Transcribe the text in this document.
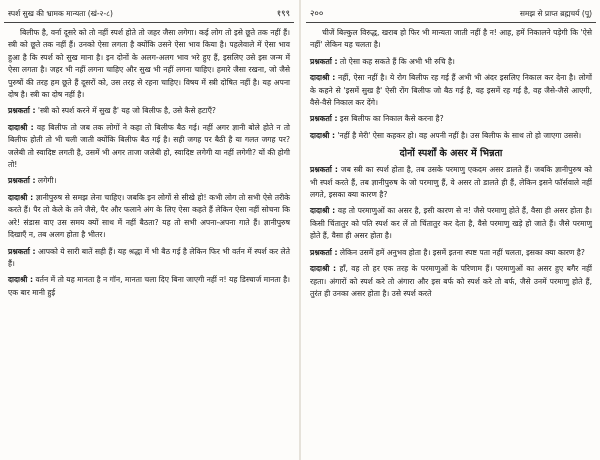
स्पर्श सुख की भ्रामक मान्यता (खं-२-८)	१९९

बिलीफ है, वर्ना दूसरे को तो नहीं स्पर्श होते तो जहर जैसा लगेगा। कई लोग तो इसे छूते तक नहीं हैं। स्त्री को छूते तक नहीं हैं। उनको ऐसा लगता है क्योंकि उसने ऐसा भाव किया है। पहलेवाले में ऐसा भाव हुआ है कि स्पर्श को सुख माना है। इन दोनों के अलग-अलग भाव भरे हुए हैं, इसलिए उसे इस जन्म में ऐसा लगता है। जहर भी नहीं लगना चाहिए और सुख भी नहीं लगना चाहिए। हमारे जैसा रखना, जो जैसे पुरुषों की तरह हम छूते हैं दूसरों को, उस तरह से रहना चाहिए। विषय में स्त्री दोषित नहीं है। यह अपना दोष है। स्त्री का दोष नहीं है।

प्रश्नकर्ता : 'स्त्री को स्पर्श करने में सुख है' यह जो बिलीफ है, उसे कैसे हटाएँ?

दादाश्री : वह बिलीफ तो जब तक लोगों ने कहा तो बिलीफ बैठ गई। नहीं अगर ज्ञानी बोले होते न तो बिलीफ होती तो भी चली जाती क्योंकि बिलीफ बैठ गई है। सही जगह पर बैठी है या गलत जगह पर? जलेबी तो स्वादिष्ट लगती है, उसमें भी अगर ताजा जलेबी हो, स्वादिष्ट लगेगी या नहीं लगेगी? यों की होगी तो!

प्रश्नकर्ता : लगेगी।

दादाश्री : ज्ञानीपुरुष से समझ लेना चाहिए। जबकि इन लोगों से सीखे हो! कभी लोग तो सभी ऐसे तरीके करते हैं। पैर तो केले के तने जैसे, पैर और फलाने अंग के लिए ऐसा कहते हैं लेकिन ऐसा नहीं सोचना कि अरे! संडास वाए उस समय क्यों साथ में नहीं बैठता? यह तो सभी अपना-अपना गाते हैं। ज्ञानीपुरुष दिखाएँ न, तब अलग होता है भीतर।

प्रश्नकर्ता : आपको ये सारी बातें सही हैं। यह श्रद्धा में भी बैठ गई है लेकिन फिर भी वर्तन में स्पर्श कर लेते हैं।

दादाश्री : वर्तन में तो यह मानता है न गॉन, मानता चला दिए बिना जाएगी नहीं न! यह डिस्चार्ज मानता है। एक बार मानी हुई

२००	समझ से प्राप्त ब्रह्मचर्य (पू)

चीजें बिल्कुल विरुद्ध, खराब हो फिर भी मान्यता जाती नहीं है न! आह, हमें निकालने पड़ेगी कि 'ऐसे नहीं' लेकिन यह चलता है।

प्रश्नकर्ता : तो ऐसा कह सकते हैं कि अभी भी रुचि है।

दादाश्री : नहीं, ऐसा नहीं है। ये रोग बिलीफ रह गई हैं अभी भी अंदर इसलिए निकाल कर देना है। लोगों के कहने से 'इसमें सुख है' ऐसी रोंग बिलीफ जो बैठ गई है, वह इसमें रह गई है, वह जैसे-जैसे आएगी, वैसे-वैसे निकाल कर देंगे।

प्रश्नकर्ता : इस बिलीफ का निकाल कैसे करना है?

दादाश्री : 'नहीं है मेरी' ऐसा कहकर हो। वह अपनी नहीं है। उस बिलीफ के साथ तो हो जाएगा उससे।

दोनों स्पर्शों के असर में भिन्नता

प्रश्नकर्ता : जब स्त्री का स्पर्श होता है, तब उसके परमाणु एकदम असर डालते हैं। जबकि ज्ञानीपुरुष को भी स्पर्श करते हैं, तब ज्ञानीपुरुष के जो परमाणु हैं, वे असर तो डालते ही हैं, लेकिन इसने फॉर्सवाले नहीं लगते, इसका क्या कारण है?

दादाश्री : वह तो परमाणुओं का असर है, इसी कारण से न! जैसे परमाणु होते हैं, वैसा ही असर होता है। किसी चिंतातुर को पति स्पर्श कर लें तो चिंतातुर कर देता है, वैसे परमाणु खड़े हो जाते हैं। जैसे परमाणु होते हैं, वैसा ही असर होता है।

प्रश्नकर्ता : लेकिन उसमें हमें अनुभव होता है। इसमें इतना स्पष्ट पता नहीं चलता, इसका क्या कारण है?

दादाश्री : हाँ, वह तो हर एक तरह के परमाणुओं के परिणाम हैं। परमाणुओं का असर हुए बगैर नहीं रहता। अंगारों को स्पर्श करे तो अंगारा और इस बर्फ को स्पर्श करे तो बर्फ, जैसे उनमें परमाणु होते हैं, तुरंत ही उनका असर होता है। उसे स्पर्श करते
